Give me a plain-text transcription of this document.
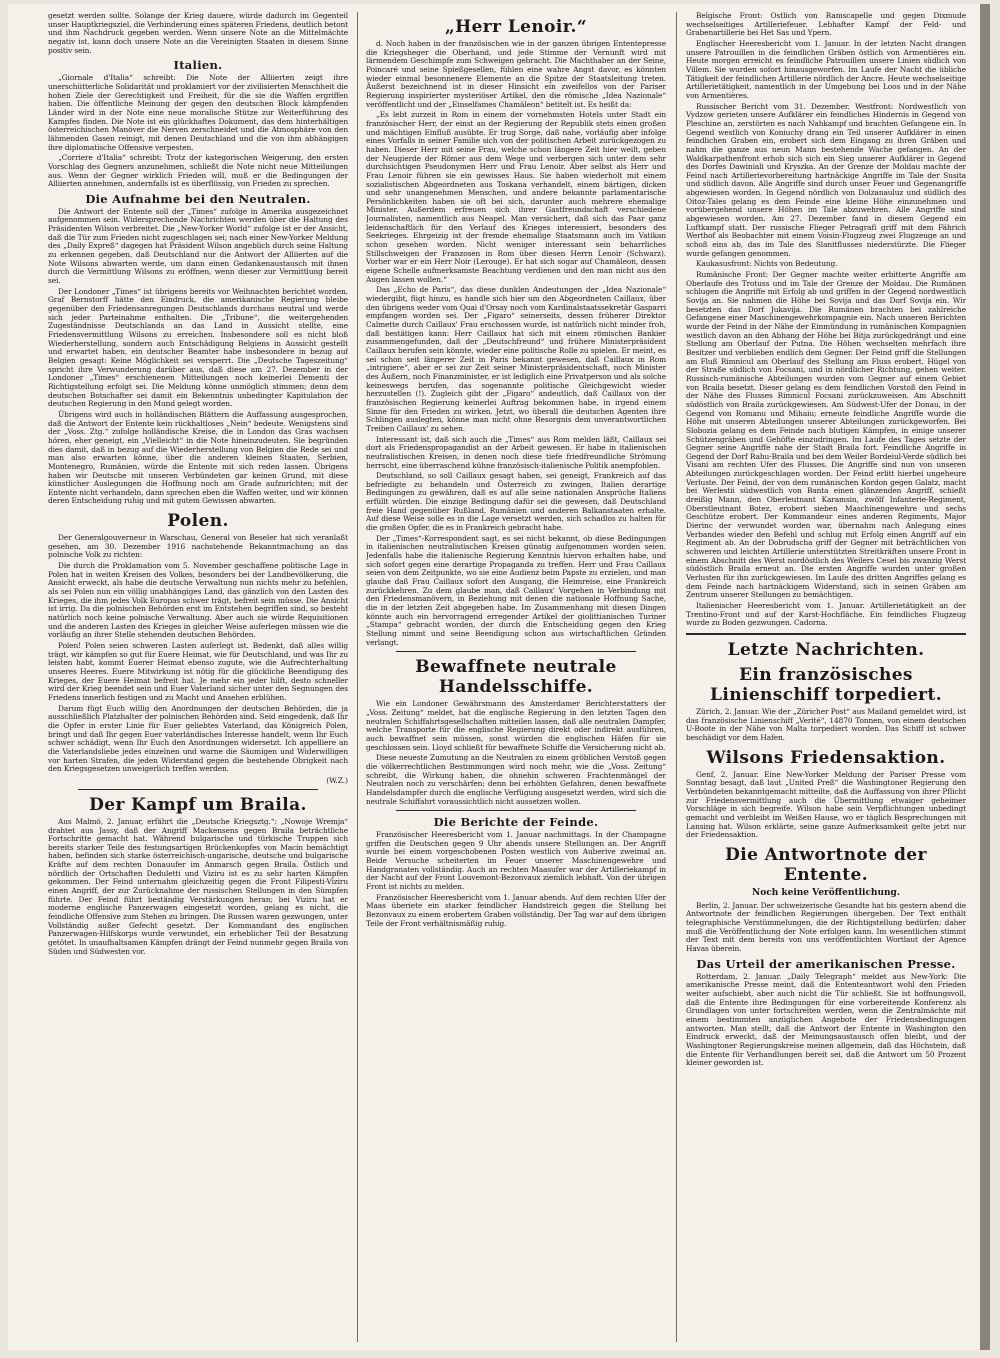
gesetzt werden sollte. Solange der Krieg dauere, würde dadurch im Gegenteil unser Hauptkriegsziel, die Verhinderung eines späteren Friedens, deutlich betont und ihm Nachdruck gegeben werden. Wenn unsere Note an die Mittelmächte negativ ist, kann doch unsere Note an die Vereinigten Staaten in diesem Sinne positiv sein.

Italien.

„Giornale d'Italia“ schreibt: Die Note der Alliierten zeigt ihre unerschütterliche Solidarität und proklamiert vor der zivilisierten Menschheit die hohen Ziele der Gerechtigkeit und Freiheit, für die sie die Waffen ergriffen haben. Die öffentliche Meinung der gegen den deutschen Block kämpfenden Länder wird in der Note eine neue moralische Stütze zur Weiterführung des Kampfes finden. Die Note ist ein glückhaftes Dokument, das dem hinterhältigen österreichischen Manöver die Nerven zerschneidet und die Atmosphäre von den lähmenden Gasen reinigt, mit denen Deutschland und die von ihm abhängigen ihre diplomatische Offensive verpesten.

„Corriere d'Italia“ schreibt: Trotz der kategorischen Weigerung, den ersten Vorschlag des Gegners anzunehmen, schließt die Note nicht neue Mitteilungen aus. Wenn der Gegner wirklich Frieden will, muß er die Bedingungen der Alliierten annehmen, andernfalls ist es überflüssig, von Frieden zu sprechen.

Die Aufnahme bei den Neutralen.

Die Antwort der Entente soll der „Times“ zufolge in Amerika ausgezeichnet aufgenommen sein. Widersprechende Nachrichten werden über die Haltung des Präsidenten Wilson verbreitet. Die „New-Yorker World“ zufolge ist er der Ansicht, daß die Tür zum Frieden nicht zugeschlagen sei; nach einer New-Yorker Meldung des „Daily Expreß“ dagegen hat Präsident Wilson angeblich durch seine Haltung zu erkennen gegeben, daß Deutschland nur die Antwort der Alliierten auf die Note Wilsons abwarten werde, um dann einen Gedankenaustausch mit ihnen durch die Vermittlung Wilsons zu eröffnen, wenn dieser zur Vermittlung bereit sei.

Der Londoner „Times“ ist übrigens bereits vor Weihnachten berichtet worden, Graf Bernstorff hätte den Eindruck, die amerikanische Regierung bleibe gegenüber den Friedensanregungen Deutschlands durchaus neutral und werde sich jeder Parteinahme enthalten. Die „Tribune“, die weitergehenden Zugeständnisse Deutschlands an das Land in Aussicht stellte, eine Friedensvermittlung Wilsons zu erreichen. Insbesondere soll es nicht bloß Wiederherstellung, sondern auch Entschädigung Belgiens in Aussicht gestellt und erwartet haben, ein deutscher Beamter habe insbesondere in bezug auf Belgien gesagt: Keine Möglichkeit sei versperrt. Die „Deutsche Tageszeitung“ spricht ihre Verwunderung darüber aus, daß diese am 27. Dezember in der Londoner „Times“ erschienenen Mitteilungen noch keinerlei Dementi der Richtigstellung erfolgt sei. Die Meldung könne unmöglich stimmen; denn dem deutschen Botschafter sei damit ein Bekenntnis unbedingter Kapitulation der deutschen Regierung in den Mund gelegt worden.

Übrigens wird auch in holländischen Blättern die Auffassung ausgesprochen, daß die Antwort der Entente kein rückhaltloses „Nein“ bedeute. Wenigstens sind der „Voss. Ztg.“ zufolge holländische Kreise, die in London das Gras wachsen hören, eher geneigt, ein „Vielleicht“ in die Note hineinzudeuten. Sie begründen dies damit, daß in bezug auf die Wiederherstellung von Belgien die Rede sei und man also erwarten könne, über die anderen kleinen Staaten, Serbien, Montenegro, Rumänien, würde die Entente mit sich reden lassen. Übrigens haben wir Deutsche mit unseren Verbündeten gar keinen Grund, mit diese künstlicher Auslegungen die Hoffnung noch am Grade aufzurichten; mit der Entente nicht verhandeln, dann sprechen eben die Waffen weiter, und wir können deren Entscheidung ruhig und mit gutem Gewissen abwarten.

Polen.

Der Generalgouverneur in Warschau, General von Beseler hat sich veranlaßt gesehen, am 30. Dezember 1916 nachstehende Bekanntmachung an das polnische Volk zu richten:

Die durch die Proklamation vom 5. November geschaffene politische Lage in Polen hat in weiten Kreisen des Volkes, besonders bei der Landbevölkerung, die Ansicht erweckt, als habe die deutsche Verwaltung nun nichts mehr zu befehlen, als sei Polen nun ein völlig unabhängiges Land, das gänzlich von den Lasten des Krieges, die ihm jedes Volk Europas schwer trägt, befreit sein müsse. Die Ansicht ist irrig. Da die polnischen Behörden erst im Entstehen begriffen sind, so besteht natürlich noch keine polnische Verwaltung. Aber auch sie würde Requisitionen und die anderen Lasten des Krieges in gleicher Weise auferlegen müssen wie die vorläufig an ihrer Stelle stehenden deutschen Behörden.

Polen! Polen seien schweren Lasten auferlegt ist. Bedenkt, daß alles willig trägt, wir kämpfen so gut für Euere Heimat, wie für Deutschland, und was Ihr zu leisten habt, kommt Euerer Heimat ebenso zugute, wie die Aufrechterhaltung unseres Heeres. Euere Mitwirkung ist nötig für die glückliche Beendigung des Krieges, der Euere Heimat befreit hat. Je mehr ein jeder hilft, desto schneller wird der Krieg beendet sein und Euer Vaterland sicher unter den Segnungen des Friedens innerlich festigen und zu Macht und Ansehen erblühen.

Darum fügt Euch willig den Anordnungen der deutschen Behörden, die ja ausschließlich Platzhalter der polnischen Behörden sind. Seid eingedenk, daß Ihr die Opfer in erster Linie für Euer geliebtes Vaterland, das Königreich Polen, bringt und daß Ihr gegen Euer vaterländisches Interesse handelt, wenn Ihr Euch schwer schädigt, wenn Ihr Euch den Anordnungen widersetzt. Ich appelliere an die Vaterlandsliebe jedes einzelnen und warne die Säumigen und Widerwilligen vor harten Strafen, die jeden Widerstand gegen die bestehende Obrigkeit nach den Kriegsgesetzen unweigerlich treffen werden.

(W.Z.)
Der Kampf um Braila.

Aus Malmö, 2. Januar, erfährt die „Deutsche Kriegsztg.“: „Nowoje Wremja“ drahtet aus Jassy, daß der Angriff Mackensens gegen Braila beträchtliche Fortschritte gemacht hat. Während bulgarische und türkische Truppen sich bereits starker Teile des festungsartigen Brückenkopfes von Macin bemächtigt haben, befinden sich starke österreichisch-ungarische, deutsche und bulgarische Kräfte auf dem rechten Donauufer im Anmarsch gegen Braila. Östlich und nördlich der Ortschaften Deduletti und Viziru ist es zu sehr harten Kämpfen gekommen. Der Feind unternahm gleichzeitig gegen die Front Filipesti-Viziru einen Angriff, der zur Zurücknahme der russischen Stellungen in den Sümpfen führte. Der Feind führt beständig Verstärkungen heran; bei Viziru hat er moderne englische Panzerwagen eingesetzt worden, gelang es nicht, die feindliche Offensive zum Stehen zu bringen. Die Russen waren gezwungen, unter Vollständig außer Gefecht gesetzt. Der Kommandant des englischen Panzerwagen-Hilfskorps wurde verwundet, ein erheblicher Teil der Besatzung getötet. In unaufhaltsamen Kämpfen drängt der Feind nunmehr gegen Braila von Süden und Südwesten vor.

„Herr Lenoir.“

d. Noch haben in der französischen wie in der ganzen übrigen Ententepresse die Kriegsheger die Oberhand, und jede Stimme der Vernunft wird mit lärmendem Geschimpfe zum Schweigen gebracht. Die Machthaber an der Seine, Poincaré und seine Spießgesellen, fühlen eine wahre Angst davor, es könnten wieder einmal besonnenere Elemente an die Spitze der Staatsleitung treten. Äußerst bezeichnend ist in dieser Hinsicht ein zweifellos von der Pariser Regierung inspirierter mysteriöser Artikel, den die römische „Idea Nazionale“ veröffentlicht und der „Einselfames Chamäleon“ betitelt ist. Es heißt da:

„Es lebt zurzeit in Rom in einem der vornehmsten Hotels unter Stadt ein französischer Herr, der einst an der Regierung der Republik stets einen großen und mächtigen Einfluß ausübte. Er trug Sorge, daß nahe, vorläufig aber infolge eines Vorfalls in seiner Familie sich von der politischen Arbeit zurückgezogen zu haben. Dieser Herr mit seine Frau, welche schon längere Zeit hier weilt, geben der Neugierde der Römer aus dem Wege und verbergen sich unter dem sehr durchsichtigen Pseudonymen Herr und Frau Lenoir. Aber selbst als Herr und Frau Lenoir führen sie ein gewisses Haus. Sie haben wiederholt mit einem sozialistischen Abgeordneten aus Toskana verhandelt, einem bärtigen, dicken und sehr unangenehmen Menschen, und andere bekannte parlamentarische Persönlichkeiten haben sie oft bei sich, darunter auch mehrere ehemalige Minister. Außerdem erfreuen sich ihrer Gastfreundschaft verschiedene Journalisten, namentlich aus Neapel. Man versichert, daß sich das Paar ganz leidenschaftlich für den Verlauf des Krieges interessiert, besonders des Seekrieges. Ehrgeizig ist der fremde ehemalige Staatsmann auch im Vatikan schon gesehen worden. Nicht weniger interessant sein beharrliches Stillschweigen der Franzosen in Rom über diesen Herrn Lenoir (Schwarz). Vorher war er ein Herr Noir (Lerouge). Er hat sich sogar auf Chamäleon, dessen eigene Schelle aufmerksamste Beachtung verdienen und den man nicht aus den Augen lassen wollen.“

Das „Echo de Paris“, das diese dunklen Andeutungen der „Idea Nazionale“ wiedergibt, fügt hinzu, es handle sich hier um den Abgeordneten Caillaux, über den übrigens weder vom Quai d'Orsay noch vom Kardinalstaatssekretär Gasparri empfangen worden sei. Der „Figaro“ seinerseits, dessen früherer Direktor Calmette durch Caillaux' Frau erschossen wurde, ist natürlich nicht minder froh, daß bestätigen kann: Herr Caillaux hat sich mit einem römischen Bankier zusammengefunden, daß der „Deutschfreund“ und frühere Ministerpräsident Caillaux berufen sein könnte, wieder eine politische Rolle zu spielen. Er meint, es sei schon seit längerer Zeit in Paris bekannt gewesen, daß Caillaux in Rom „intrigiere“, aber er sei zur Zeit seiner Ministerpräsidentschaft, noch Minister des Äußern, noch Finanzminister, er ist lediglich eine Privatperson und als solche keineswegs berufen, das sogenannte politische Gleichgewicht wieder herzustellen (!). Zugleich gibt der „Figaro“ andeutlich, daß Caillaux von der französischen Regierung keinerlei Auftrag bekommen habe, in irgend einem Sinne für den Frieden zu wirken. Jetzt, wo überall die deutschen Agenten ihre Schlingen auslegten, könne man nicht ohne Besorgnis dem unverantwortlichen Treiben Caillaux' zu sehen.

Interessant ist, daß sich auch die „Times“ aus Rom melden läßt, Caillaux sei dort als Friedenspropagandist an der Arbeit gewesen. Er habe in italienischen neutralistischen Kreisen, in denen noch diese tiefe friedfreundliche Strömung herrscht, eine überraschend kühne französisch-italienische Politik anempfohlen.

Deutschland, so soll Caillaux gesagt haben, sei geneigt, Frankreich auf das befriedigte zu behandeln und Österreich zu zwingen, Italien derartige Bedingungen zu gewähren, daß es auf alle seine nationalen Ansprüche Italiens erfüllt würden. Die einzige Bedingung dafür sei die gewesen, daß Deutschland freie Hand gegenüber Rußland, Rumänien und anderen Balkanstaaten erhalte. Auf diese Weise solle es in die Lage versetzt werden, sich schadlos zu halten für die großen Opfer, die es in Frankreich gebracht habe.

Der „Times“-Korrespondent sagt, es sei nicht bekannt, ob diese Bedingungen in italienischen neutralistischen Kreisen günstig aufgenommen worden seien. Jedenfalls habe die italienische Regierung Kenntnis hiervon erhalten habe, und sich sofort gegen eine derartige Propaganda zu treffen. Herr und Frau Caillaux seien von dem Zeitpunkte, wo sie eine Audienz beim Papste zu erzielen, und man glaube daß Frau Caillaux sofort den Ausgang, die Heimreise, eine Frankreich zurückkehren. Zu dem glaube man, daß Caillaux' Vorgehen in Verbindung mit den Friedensmanövern, in Beziehung mit denen die nationale Hoffnung Sache, die in der letzten Zeit abgegeben habe. Im Zusammenhang mit diesen Dingen könnte auch ein hervorragend erregender Artikel der giolittianischen Turiner „Stampa“ gebracht worden, der durch die Entscheidung gegen den Krieg Stellung nimmt und seine Beendigung schon aus wirtschaftlichen Gründen verlangt.

Bewaffnete neutrale Handelsschiffe.

Wie ein Londoner Gewährsmann des Amsterdamer Berichterstatters der „Voss. Zeitung“ meldet, hat die englische Regierung in den letzten Tagen den neutralen Schiffahrtsgesellschaften mitteilen lassen, daß alle neutralen Dampfer, welche Transporte für die englische Regierung direkt oder indirekt ausführen, auch bewaffnet sein müssen, sonst würden die englischen Häfen für sie geschlossen sein. Lloyd schließt für bewaffnete Schiffe die Versicherung nicht ab.

Diese neueste Zumutung an die Neutralen zu einem gröblichen Verstoß gegen die völkerrechtlichen Bestimmungen wird noch mehr, wie die „Voss. Zeitung“ schreibt, die Wirkung haben, die ohnehin schweren Frachtenmängel der Neutralen noch zu verschärfen; denn bei erhöhten Gefahren, denen bewaffnete Handelsdampfer durch die englische Verfügung ausgesetzt werden, wird sich die neutrale Schiffahrt voraussichtlich nicht aussetzen wollen.

Die Berichte der Feinde.

Französischer Heeresbericht vom 1. Januar nachmittags. In der Champagne griffen die Deutschen gegen 9 Uhr abends unsere Stellungen an. Der Angriff wurde bei einem vorgeschobenen Posten westlich von Auberive zweimal an. Beide Versuche scheiterten im Feuer unserer Maschinengewehre und Handgranaten vollständig. Auch an rechten Maasufer war der Artilleriekampf in der Nacht auf der Front Louvemont-Bezonvaux ziemlich lebhaft. Von der übrigen Front ist nichts zu melden.

Französischer Heeresbericht vom 1. Januar abends. Auf dem rechten Ufer der Maas überiete ein starker feindlicher Handstreich gegen die Stellung bei Bezonvaux zu einem erobertem Graben vollständig. Der Tag war auf dem übrigen Teile der Front verhältnismäßig ruhig.

Belgische Front: Östlich von Ramscapelle und gegen Dixmude wechselseitiges Artilleriefeuer. Lebhafter Kampf der Feld- und Grabenartillerie bei Het Sas und Ypern.

Englischer Heeresbericht vom 1. Januar. In der letzten Nacht drangen unsere Patrouillen in die feindlichen Gräben östlich von Armentières ein. Heute morgen erreicht es feindliche Patrouillen unsere Linien südlich von Villem. Sie wurden sofort hinausgeworfen. Im Laufe der Nacht die übliche Tätigkeit der feindlichen Artillerie nördlich der Ancre. Heute wechselseitige Artillerietätigkeit, namentlich in der Umgebung bei Loos und in der Nähe von Armentières.

Russischer Bericht vom 31. Dezember. Westfront: Nordwestlich von Vydzow gerieten unsere Aufklärer ein feindliches Hindernis in Gegend von Pleschine an, zerstörten es nach Nahkampf und brachten Gefangene ein. In Gegend westlich von Koniuchy drang ein Teil unserer Aufklärer in einen feindlichen Graben ein, erobert sich dem Eingang zu ihren Gräben und nahm die ganze aus neun Mann bestehende Wache gefangen. An der Waldkarpathenfront erhob sich sich ein Sieg unserer Aufklärer in Gegend des Dorfes Dawiniali und Kryszka. An der Grenze der Moldau machte der Feind nach Artillerievorbereitung hartnäckige Angriffe im Tale der Susita und südlich davon. Alle Angriffe sind durch unser Feuer und Gegenangriffe abgewiesen worden. In Gegend nördlich von Dolzanauluz und südlich des Oitoz-Tales gelang es dem Feinde eine kleine Höhe einzunehmen und vorübergehend unsere Höhen im Tale abzuwehren. Alle Angriffe sind abgewiesen worden. Am 27. Dezember fand in diesem Gegend ein Luftkampf statt. Der russische Flieger Petragrafi griff mit dem Fährich Werthof als Beobachter mit einem Voisin-Flugzeug zwei Flugzeuge an und schoß eins ab, das im Tale des Slanitflusses niederstürzte. Die Flieger wurde gefangen genommen.

Kaukasusfront: Nichts von Bedeutung.

Rumänische Front: Der Gegner machte weiter erbitterte Angriffe am Oberlaufe des Trotuss und im Tale der Grenze der Moldau. Die Rumänen schlugen die Angriffe mit Erfolg ab und griffen in der Gegend nordwestlich Sovija an. Sie nahmen die Höhe bei Sovija und das Dorf Sovija ein. Wir besetzten das Dorf Jukavija. Die Rumänen brachten bei zahlreiche Gefangene einer Maschinengewehrkompagnie ein. Nach unseren Berichten wurde der Feind in der Nähe der Einmündung in rumänischen Kompagnien westlich davon an den Abhang der Höhe bei Bitja zurückgedrängt und eine Stellung am Oberlauf der Putna. Die Höhen wechselten mehrfach ihre Besitzer und verblieben endlich dem Gegner. Der Feind griff die Stellungen am Fluß Rimnicul am Oberlauf des Stellung am Fluss erobert. Hügel von der Straße südlich von Focsani, und in nördlicher Richtung, gehen weiter. Russisch-rumänische Abteilungen wurden vom Gegner auf einem Gebiet von Braila besetzt. Dieser gelang es dem feindlichen Vorstoß den Feind in der Nähe des Flusses Rimnicul Focsani zurückzuweisen. Am Abschnitt südöstlich von Braila zurückgewiesen. Am Südwest-Ufer der Donau, in der Gegend von Romanu und Mihaiu; erneute feindliche Angriffe wurde die Höhe mit unseren Abteilungen unserer Abteilungen zurückgeworfen. Bei Slobozia gelang es dem Feinde nach blutigen Kämpfen, in einige unserer Schützengräben und Gehöfte einzudringen. Im Laufe des Tages setzte der Gegner seine Angriffe nahe der Stadt Braila fort. Feindliche Angriffe in Gegend der Dorf Rahu-Braila und bei dem Weiler Bordeiul-Verde südlich bei Visani am rechten Ufer des Flusses. Die Angriffe sind nun von unseren Abteilungen zurückgeschlagen worden. Der Feind erlitt hierbei ungeheure Verluste. Der Feind, der von dem rumänischen Kordon gegen Galatz, macht bei Werlestii südwestlich von Banta einen glänzenden Angriff, schießt dreißig Mann, den Oberleutnant Karamsin, zwölf Infanterie-Regiment, Oberstleutnant Botez, erobert sieben Maschinengewehre und sechs Geschütze erobert. Der Kommandeur eines anderen Regiments, Major Dierinc der verwundet worden war, übernahm nach Anlegung eines Verbandes wieder den Befehl und schlug mit Erfolg einen Angriff auf ein Regiment ab. An der Dobrudscha griff der Gegner mit beträchtlichen von schweren und leichten Artillerie unterstützten Streitkräften unsere Front in einem Abschnitt des Werst nordöstlich des Weilers Cesel bis zwanzig Werst südöstlich Braila erneut an. Die ersten Angriffe wurden unter großen Verlusten für ihn zurückgewiesen. Im Laufe des dritten Angriffes gelang es dem Feinde nach hartnäckigem Widerstand, sich in seinen Gräben am Zentrum unserer Stellungen zu bemächtigen.

Italienischer Heeresbericht vom 1. Januar. Artillerietätigkeit an der Trentino-Front und auf der Karst-Hochfläche. Ein feindliches Flugzeug wurde zu Boden gezwungen. Cadorna.

Letzte Nachrichten.
Ein französisches Linienschiff torpediert.

Zürich, 2. Januar. Wie der „Züricher Post“ aus Mailand gemeldet wird, ist das französische Linienschiff „Verité“, 14870 Tonnen, von einem deutschen U-Boote in der Nähe von Malta torpediert worden. Das Schiff ist schwer beschädigt vor dem Hafen.

Wilsons Friedensaktion.

Genf, 2. Januar. Eine New-Yorker Meldung der Pariser Presse vom Sonntag besagt, daß laut „United Preß“ die Washingtoner Regierung den Verbündeten bekanntgemacht mitteilte, daß die Auffassung von ihrer Pflicht zur Friedensvermittlung auch die Übermittlung etwaiger geheimer Vorschläge in sich begreife. Wilson habe sein Verpflichtungen unbedingt gemacht und verbleibt im Weißen Hause, wo er täglich Besprechungen mit Lansing hat. Wilson erklärte, seine ganze Aufmerksamkeit gelte jetzt nur der Friedensaktion.

Die Antwortnote der Entente.
Noch keine Veröffentlichung.

Berlin, 2. Januar. Der schweizerische Gesandte hat bis gestern abend die Antwortnote der feindlichen Regierungen übergeben. Der Text enthält telegraphische Verstümmelungen, die der Richtigstellung bedürfen; daher muß die Veröffentlichung der Note erfolgen kann. Im wesentlichen stimmt der Text mit dem bereits von uns veröffentlichten Wortlaut der Agence Havas überein.

Das Urteil der amerikanischen Presse.

Rotterdam, 2. Januar. „Daily Telegraph“ meldet aus New-York: Die amerikanische Presse meint, daß die Ententeantwort wohl den Frieden weiter aufschiebt, aber auch nicht die Tür schließt. Sie ist hoffnungsvoll, daß die Entente ihre Bedingungen für eine vorbereitende Konferenz als Grundlagen von unter fortschreiten werden, wenn die Zentralmächte mit einem bestimmten anzüglichen Angebote der Friedensbedingungen antworten. Man stellt, daß die Antwort der Entente in Washington den Eindruck erweckt, daß der Meinungsaustausch offen bleibt, und der Washingtoner Regierungskreise meinen allgemein, daß das Höchstein, daß die Entente für Verhandlungen bereit sei, daß die Antwort um 50 Prozent kleiner geworden ist.
